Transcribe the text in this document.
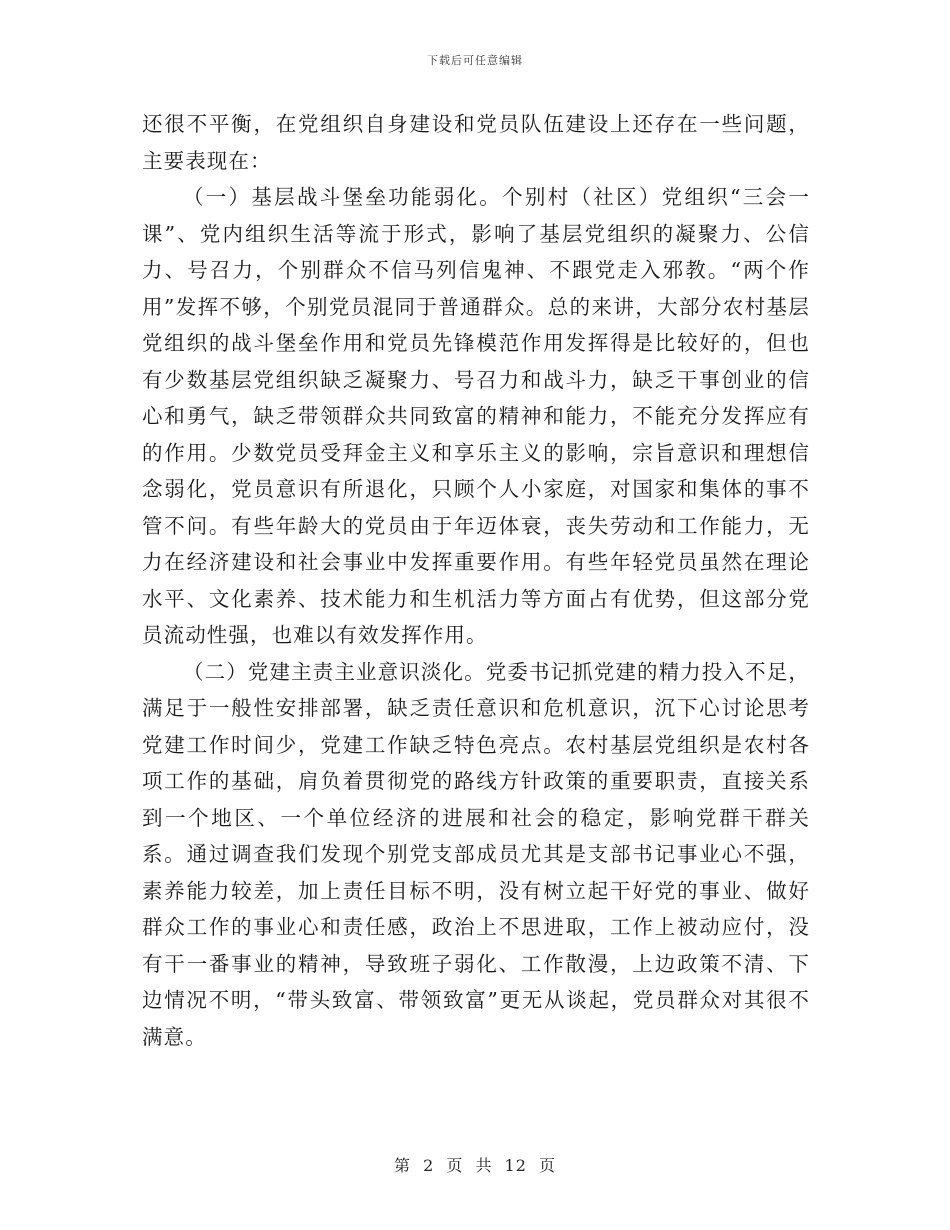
下载后可任意编辑

还很不平衡，在党组织自身建设和党员队伍建设上还存在一些问题，主要表现在：

（一）基层战斗堡垒功能弱化。个别村（社区）党组织“三会一课”、党内组织生活等流于形式，影响了基层党组织的凝聚力、公信力、号召力，个别群众不信马列信鬼神、不跟党走入邪教。“两个作用”发挥不够，个别党员混同于普通群众。总的来讲，大部分农村基层党组织的战斗堡垒作用和党员先锋模范作用发挥得是比较好的，但也有少数基层党组织缺乏凝聚力、号召力和战斗力，缺乏干事创业的信心和勇气，缺乏带领群众共同致富的精神和能力，不能充分发挥应有的作用。少数党员受拜金主义和享乐主义的影响，宗旨意识和理想信念弱化，党员意识有所退化，只顾个人小家庭，对国家和集体的事不管不问。有些年龄大的党员由于年迈体衰，丧失劳动和工作能力，无力在经济建设和社会事业中发挥重要作用。有些年轻党员虽然在理论水平、文化素养、技术能力和生机活力等方面占有优势，但这部分党员流动性强，也难以有效发挥作用。

（二）党建主责主业意识淡化。党委书记抓党建的精力投入不足，满足于一般性安排部署，缺乏责任意识和危机意识，沉下心讨论思考党建工作时间少，党建工作缺乏特色亮点。农村基层党组织是农村各项工作的基础，肩负着贯彻党的路线方针政策的重要职责，直接关系到一个地区、一个单位经济的进展和社会的稳定，影响党群干群关系。通过调查我们发现个别党支部成员尤其是支部书记事业心不强，素养能力较差，加上责任目标不明，没有树立起干好党的事业、做好群众工作的事业心和责任感，政治上不思进取，工作上被动应付，没有干一番事业的精神，导致班子弱化、工作散漫，上边政策不清、下边情况不明，“带头致富、带领致富”更无从谈起，党员群众对其很不满意。

第 2 页 共 12 页
